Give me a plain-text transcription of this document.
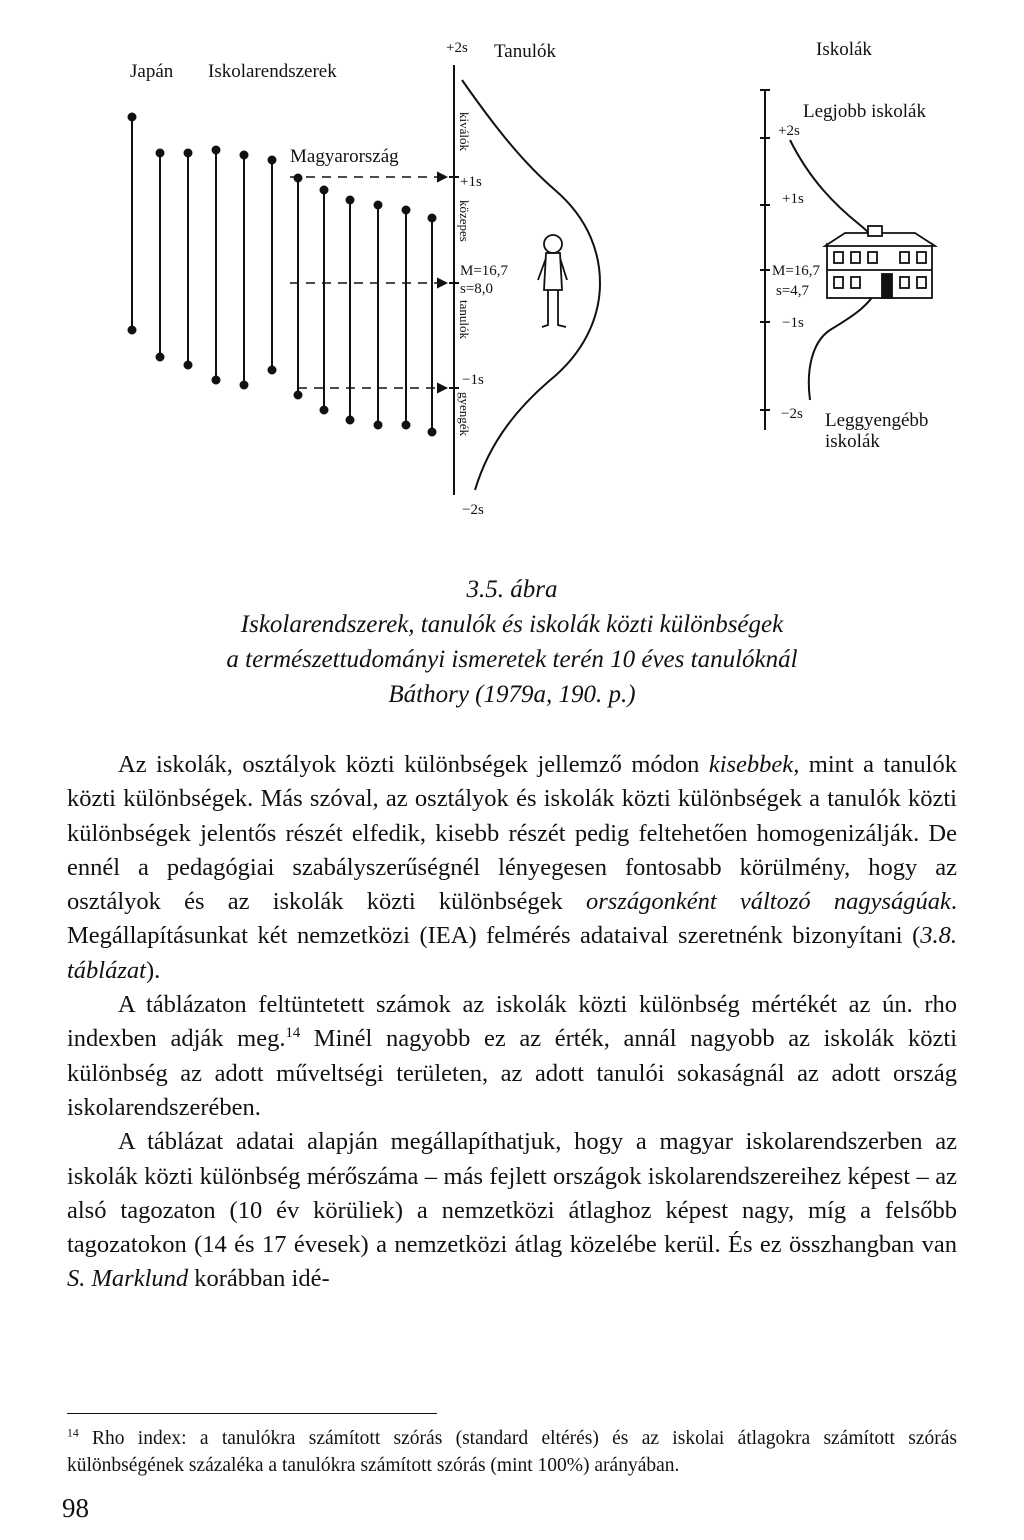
Japán Iskolarendszerek
+2s Tanulók	Iskolák
Magyarország
+1s
M=16,7
s=8,0
−1s
−2s
kiválók
közepes
tanulók
gyengék
Legjobb iskolák
+2s
+1s
M=16,7
s=4,7
−1s
−2s Leggyengébb
iskolák
3.5. ábra
Iskolarendszerek, tanulók és iskolák közti különbségek
a természettudományi ismeretek terén 10 éves tanulóknál
Báthory (1979a, 190. p.)

Az iskolák, osztályok közti különbségek jellemző módon kisebbek, mint a tanulók közti különbségek. Más szóval, az osztályok és iskolák közti különbségek a tanulók közti különbségek jelentős részét elfedik, kisebb részét pedig feltehetően homogenizálják. De ennél a pedagógiai szabályszerűségnél lényegesen fontosabb körülmény, hogy az osztályok és az iskolák közti különbségek országonként változó nagyságúak. Megállapításunkat két nemzetközi (IEA) felmérés adataival szeretnénk bizonyítani (3.8. táblázat).

A táblázaton feltüntetett számok az iskolák közti különbség mértékét az ún. rho indexben adják meg.$^{14}$ Minél nagyobb ez az érték, annál nagyobb az iskolák közti különbség az adott műveltségi területen, az adott tanulói sokaságnál az adott ország iskolarendszerében.

A táblázat adatai alapján megállapíthatjuk, hogy a magyar iskolarendszerben az iskolák közti különbség mérőszáma – más fejlett országok iskolarendszereihez képest – az alsó tagozaton (10 év körüliek) a nemzetközi átlaghoz képest nagy, míg a felsőbb tagozatokon (14 és 17 évesek) a nemzetközi átlag közelébe kerül. És ez összhangban van S. Marklund korábban idé-

$^{14}$ Rho index: a tanulókra számított szórás (standard eltérés) és az iskolai átlagokra számított szórás különbségének százaléka a tanulókra számított szórás (mint 100%) arányában.
98
